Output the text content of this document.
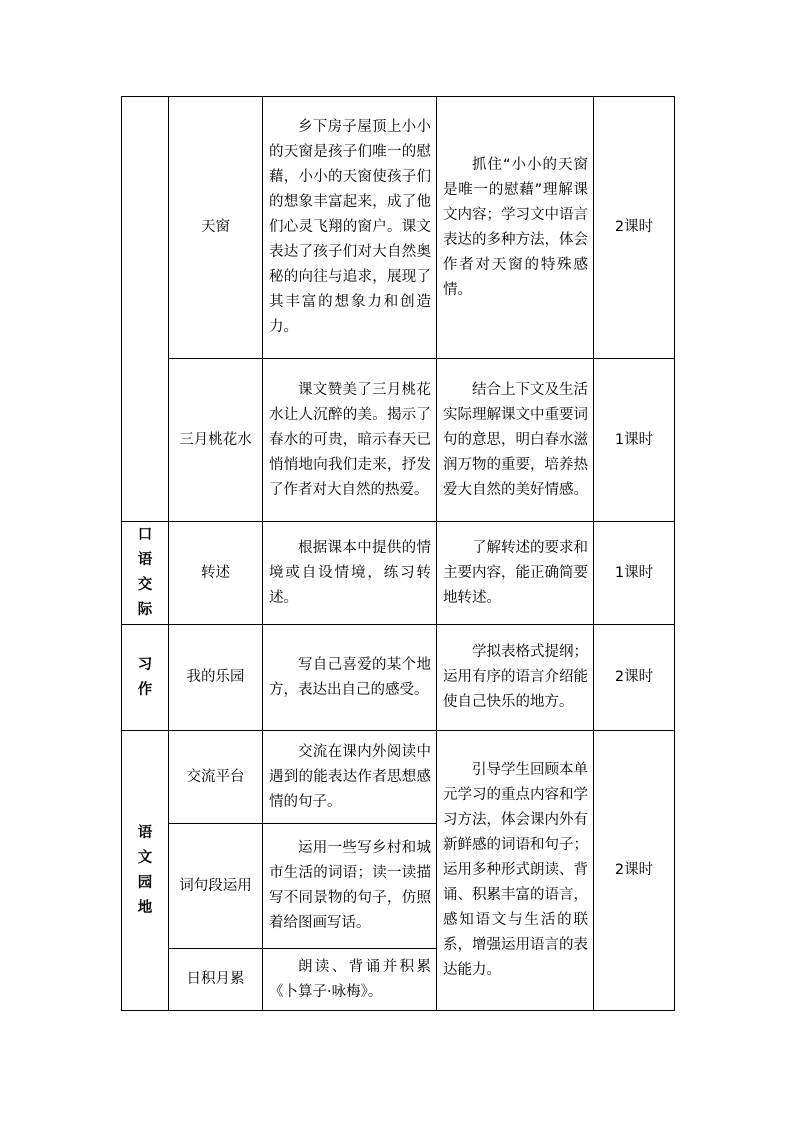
	天窗	乡下房子屋顶上小小的天窗是孩子们唯一的慰藉，小小的天窗使孩子们的想象丰富起来，成了他们心灵飞翔的窗户。课文表达了孩子们对大自然奥秘的向往与追求，展现了其丰富的想象力和创造力。	抓住“小小的天窗是唯一的慰藉”理解课文内容；学习文中语言表达的多种方法，体会作者对天窗的特殊感情。	2课时
	三月桃花水	课文赞美了三月桃花水让人沉醉的美。揭示了春水的可贵，暗示春天已悄悄地向我们走来，抒发了作者对大自然的热爱。	结合上下文及生活实际理解课文中重要词句的意思，明白春水滋润万物的重要，培养热爱大自然的美好情感。	1课时
口语交际	转述	根据课本中提供的情境或自设情境，练习转述。	了解转述的要求和主要内容，能正确简要地转述。	1课时
习作	我的乐园	写自己喜爱的某个地方，表达出自己的感受。	学拟表格式提纲；运用有序的语言介绍能使自己快乐的地方。	2课时
语文园地	交流平台	交流在课内外阅读中遇到的能表达作者思想感情的句子。	引导学生回顾本单元学习的重点内容和学习方法，体会课内外有新鲜感的词语和句子；运用多种形式朗读、背诵、积累丰富的语言，感知语文与生活的联系，增强运用语言的表达能力。	2课时
	词句段运用	运用一些写乡村和城市生活的词语；读一读描写不同景物的句子，仿照着给图画写话。		

	日积月累	朗读、背诵并积累《卜算子·咏梅》。		
